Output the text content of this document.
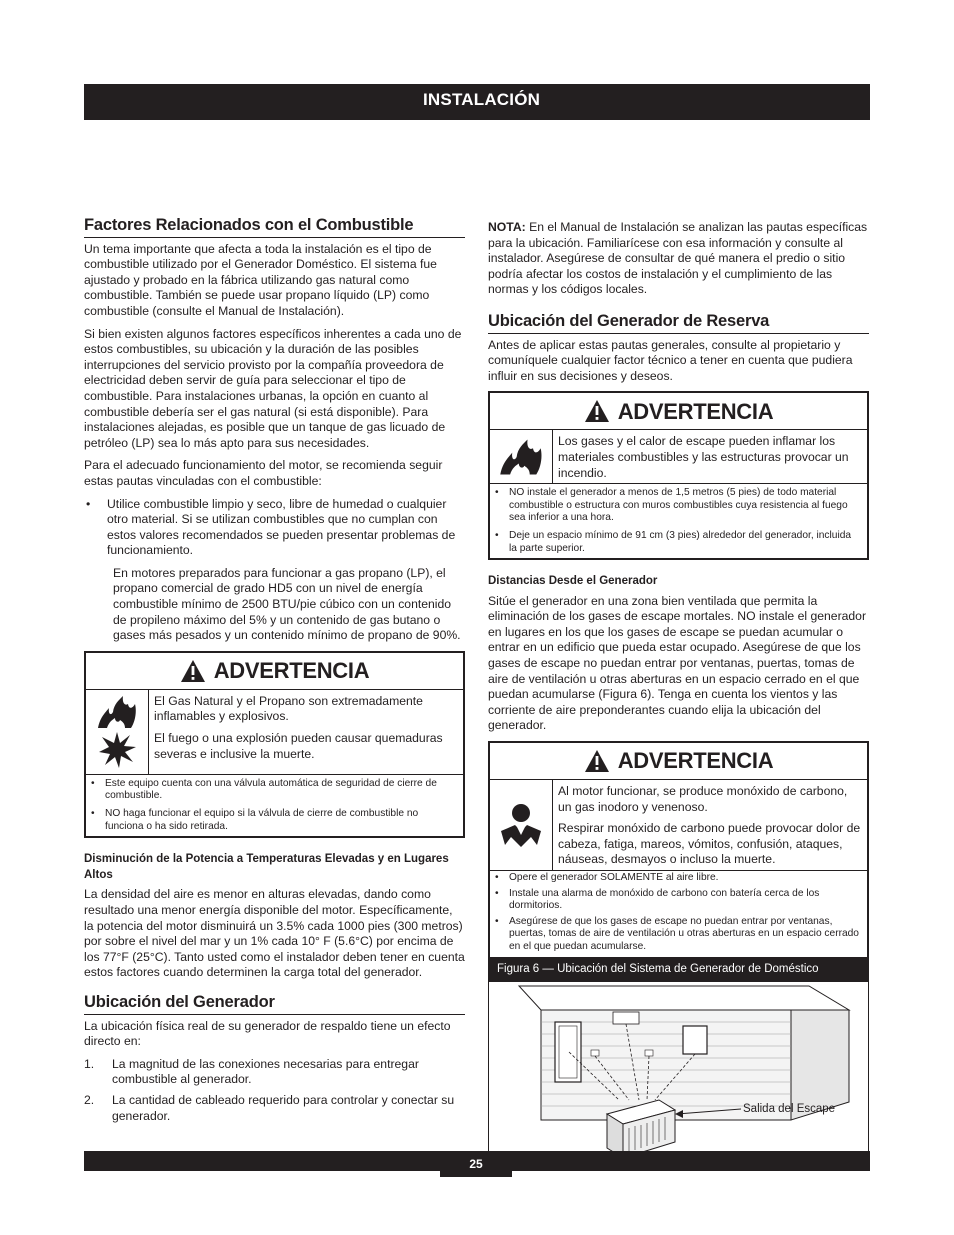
INSTALACIÓN
Factores Relacionados con el Combustible

Un tema importante que afecta a toda la instalación es el tipo de combustible utilizado por el Generador Doméstico. El sistema fue ajustado y probado en la fábrica utilizando gas natural como combustible. También se puede usar propano líquido (LP) como combustible (consulte el Manual de Instalación).

Si bien existen algunos factores específicos inherentes a cada uno de estos combustibles, su ubicación y la duración de las posibles interrupciones del servicio provisto por la compañía proveedora de electricidad deben servir de guía para seleccionar el tipo de combustible. Para instalaciones urbanas, la opción en cuanto al combustible debería ser el gas natural (si está disponible). Para instalaciones alejadas, es posible que un tanque de gas licuado de petróleo (LP) sea lo más apto para sus necesidades.

Para el adecuado funcionamiento del motor, se recomienda seguir estas pautas vinculadas con el combustible:

• Utilice combustible limpio y seco, libre de humedad o cualquier otro material. Si se utilizan combustibles que no cumplan con estos valores recomendados se pueden presentar problemas de funcionamiento.
En motores preparados para funcionar a gas propano (LP), el propano comercial de grado HD5 con un nivel de energía combustible mínimo de 2500 BTU/pie cúbico con un contenido de propileno máximo del 5% y un contenido de gas butano o gases más pesados y un contenido mínimo de propano de 90%.
ADVERTENCIA

El Gas Natural y el Propano son extremadamente inflamables y explosivos.

El fuego o una explosión pueden causar quemaduras severas e inclusive la muerte.

• Este equipo cuenta con una válvula automática de seguridad de cierre de combustible.
• NO haga funcionar el equipo si la válvula de cierre de combustible no funciona o ha sido retirada.
Disminución de la Potencia a Temperaturas Elevadas y en Lugares Altos

La densidad del aire es menor en alturas elevadas, dando como resultado una menor energía disponible del motor. Específicamente, la potencia del motor disminuirá un 3.5% cada 1000 pies (300 metros) por sobre el nivel del mar y un 1% cada 10° F (5.6°C) por encima de los 77°F (25°C). Tanto usted como el instalador deben tener en cuenta estos factores cuando determinen la carga total del generador.

Ubicación del Generador

La ubicación física real de su generador de respaldo tiene un efecto directo en:

1. La magnitud de las conexiones necesarias para entregar combustible al generador.
2. La cantidad de cableado requerido para controlar y conectar su generador.

NOTA: En el Manual de Instalación se analizan las pautas específicas para la ubicación. Familiarícese con esa información y consulte al instalador. Asegúrese de consultar de qué manera el predio o sitio podría afectar los costos de instalación y el cumplimiento de las normas y los códigos locales.

Ubicación del Generador de Reserva

Antes de aplicar estas pautas generales, consulte al propietario y comuníquele cualquier factor técnico a tener en cuenta que pudiera influir en sus decisiones y deseos.

ADVERTENCIA

Los gases y el calor de escape pueden inflamar los materiales combustibles y las estructuras provocar un incendio.

• NO instale el generador a menos de 1,5 metros (5 pies) de todo material combustible o estructura con muros combustibles cuya resistencia al fuego sea inferior a una hora.
• Deje un espacio mínimo de 91 cm (3 pies) alrededor del generador, incluida la parte superior.
Distancias Desde el Generador

Sitúe el generador en una zona bien ventilada que permita la eliminación de los gases de escape mortales. NO instale el generador en lugares en los que los gases de escape se puedan acumular o entrar en un edificio que pueda estar ocupado. Asegúrese de que los gases de escape no puedan entrar por ventanas, puertas, tomas de aire de ventilación u otras aberturas en un espacio cerrado en el que puedan acumularse (Figura 6). Tenga en cuenta los vientos y las corriente de aire preponderantes cuando elija la ubicación del generador.

ADVERTENCIA

Al motor funcionar, se produce monóxido de carbono, un gas inodoro y venenoso.

Respirar monóxido de carbono puede provocar dolor de cabeza, fatiga, mareos, vómitos, confusión, ataques, náuseas, desmayos o incluso la muerte.

• Opere el generador SOLAMENTE al aire libre.
• Instale una alarma de monóxido de carbono con batería cerca de los dormitorios.
• Asegúrese de que los gases de escape no puedan entrar por ventanas, puertas, tomas de aire de ventilación u otras aberturas en un espacio cerrado en el que puedan acumularse.
Figura 6 — Ubicación del Sistema de Generador de Doméstico
Salida del Escape
25
